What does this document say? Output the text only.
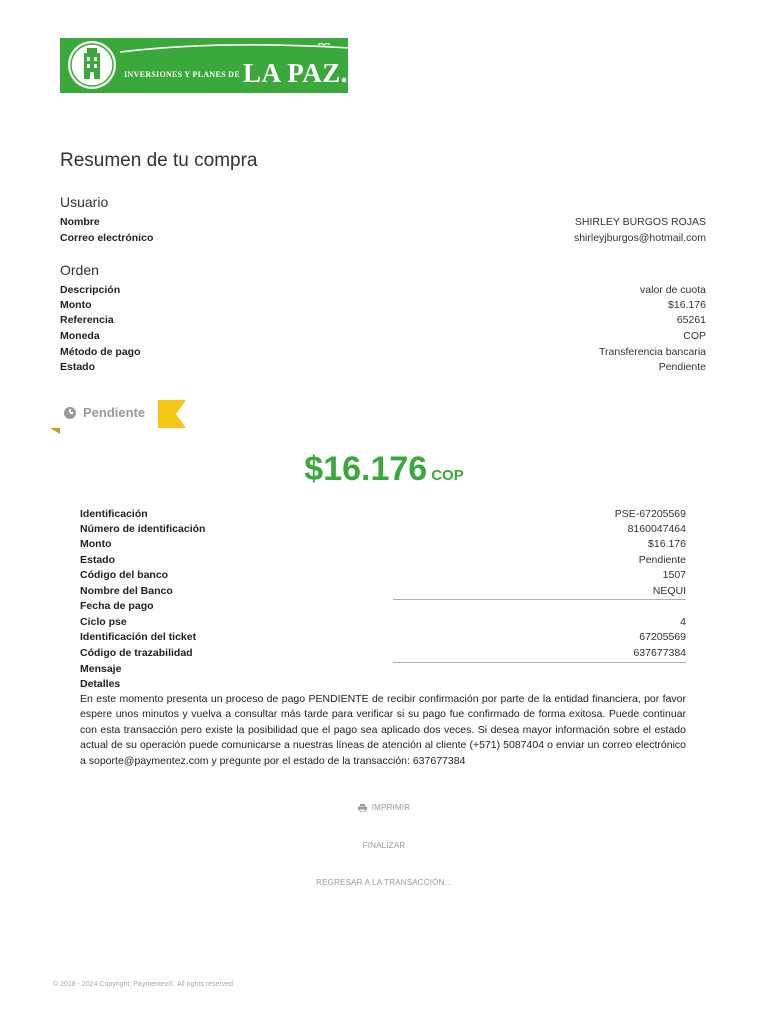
INVERSIONES Y PLANES DE LA PAZ.
Resumen de tu compra
Usuario
Nombre	SHIRLEY BURGOS ROJAS
Correo electrónico	shirleyjburgos@hotmail.com
Orden
Descripción	valor de cuota
Monto	$16.176
Referencia	65261
Moneda	COP
Método de pago	Transferencia bancaria
Estado	Pendiente
Pendiente
$16.176 COP
Identificación	PSE-67205569
Número de identificación	8160047464
Monto	$16.176
Estado	Pendiente
Código del banco	1507
Nombre del Banco	NEQUI
Fecha de pago
Ciclo pse	4
Identificación del ticket	67205569
Código de trazabilidad	637677384
Mensaje
Detalles

En este momento presenta un proceso de pago PENDIENTE de recibir confirmación por parte de la entidad financiera, por favor espere unos minutos y vuelva a consultar más tarde para verificar si su pago fue confirmado de forma exitosa. Puede continuar con esta transacción pero existe la posibilidad que el pago sea aplicado dos veces. Si desea mayor información sobre el estado actual de su operación puede comunicarse a nuestras líneas de atención al cliente (+571) 5087404 o enviar un correo electrónico a soporte@paymentez.com y pregunte por el estado de la transacción: 637677384

IMPRIMIR
FINALIZAR
REGRESAR A LA TRANSACCIÓN...
© 2018 - 2024 Copyright: Paymentez®. All rights reserved.
